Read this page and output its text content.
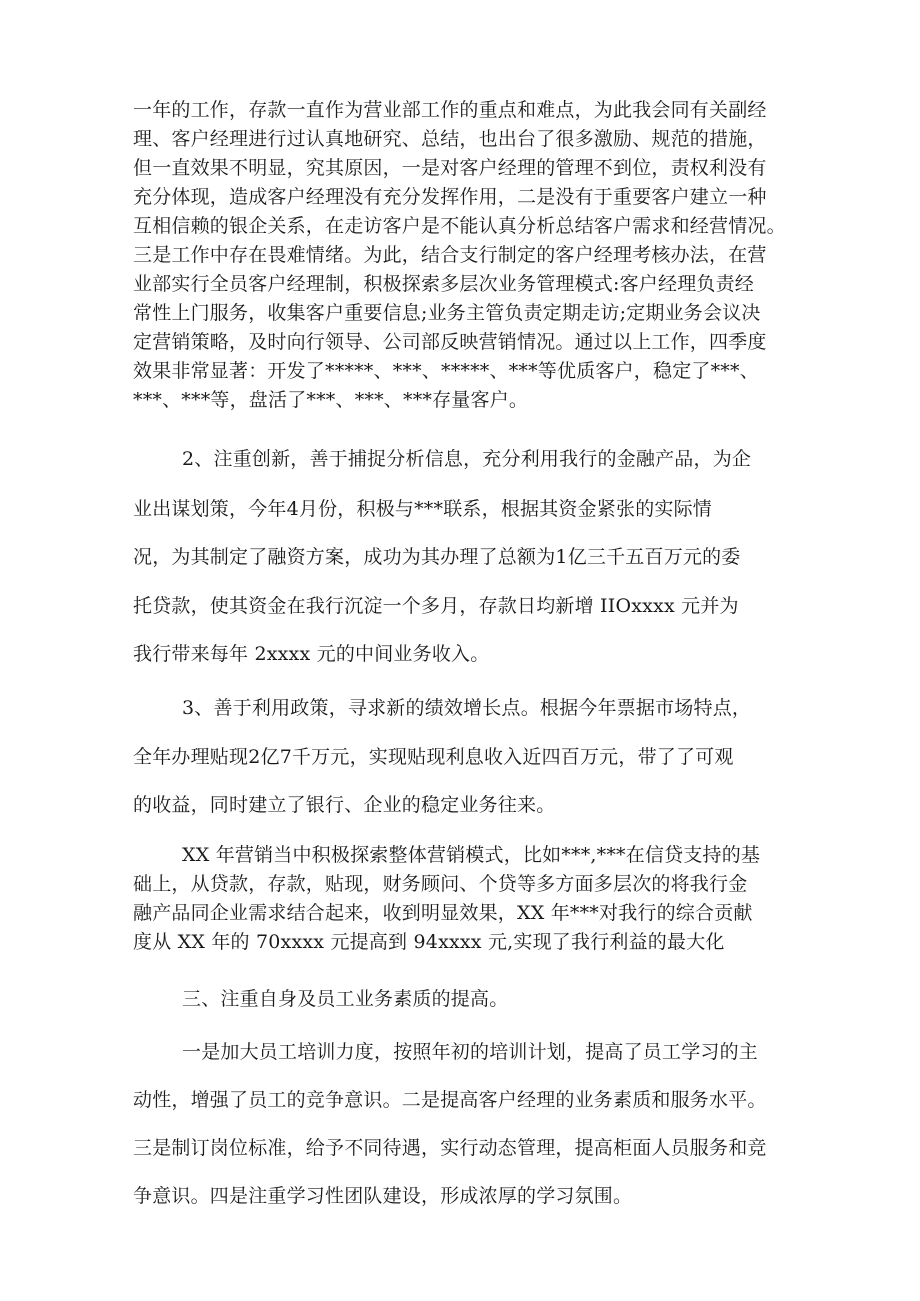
一年的工作，存款一直作为营业部工作的重点和难点，为此我会同有关副经
理、客户经理进行过认真地研究、总结，也出台了很多激励、规范的措施，
但一直效果不明显，究其原因，一是对客户经理的管理不到位，责权利没有
充分体现，造成客户经理没有充分发挥作用，二是没有于重要客户建立一种
互相信赖的银企关系，在走访客户是不能认真分析总结客户需求和经营情况。
三是工作中存在畏难情绪。为此，结合支行制定的客户经理考核办法，在营
业部实行全员客户经理制，积极探索多层次业务管理模式:客户经理负责经
常性上门服务，收集客户重要信息;业务主管负责定期走访;定期业务会议决
定营销策略，及时向行领导、公司部反映营销情况。通过以上工作，四季度
效果非常显著：开发了*****、***、*****、***等优质客户，稳定了***、
***、***等，盘活了***、***、***存量客户。
2、注重创新，善于捕捉分析信息，充分利用我行的金融产品，为企
业出谋划策，今年4月份，积极与***联系，根据其资金紧张的实际情
况，为其制定了融资方案，成功为其办理了总额为1亿三千五百万元的委
托贷款，使其资金在我行沉淀一个多月，存款日均新增 IIOxxxx 元并为
我行带来每年 2xxxx 元的中间业务收入。
3、善于利用政策，寻求新的绩效增长点。根据今年票据市场特点，
全年办理贴现2亿7千万元，实现贴现利息收入近四百万元，带了了可观
的收益，同时建立了银行、企业的稳定业务往来。
XX 年营销当中积极探索整体营销模式，比如***,***在信贷支持的基
础上，从贷款，存款，贴现，财务顾问、个贷等多方面多层次的将我行金
融产品同企业需求结合起来，收到明显效果，XX 年***对我行的综合贡献
度从 XX 年的 70xxxx 元提高到 94xxxx 元,实现了我行利益的最大化
三、注重自身及员工业务素质的提高。
一是加大员工培训力度，按照年初的培训计划，提高了员工学习的主
动性，增强了员工的竞争意识。二是提高客户经理的业务素质和服务水平。
三是制订岗位标准，给予不同待遇，实行动态管理，提高柜面人员服务和竞
争意识。四是注重学习性团队建设，形成浓厚的学习氛围。
